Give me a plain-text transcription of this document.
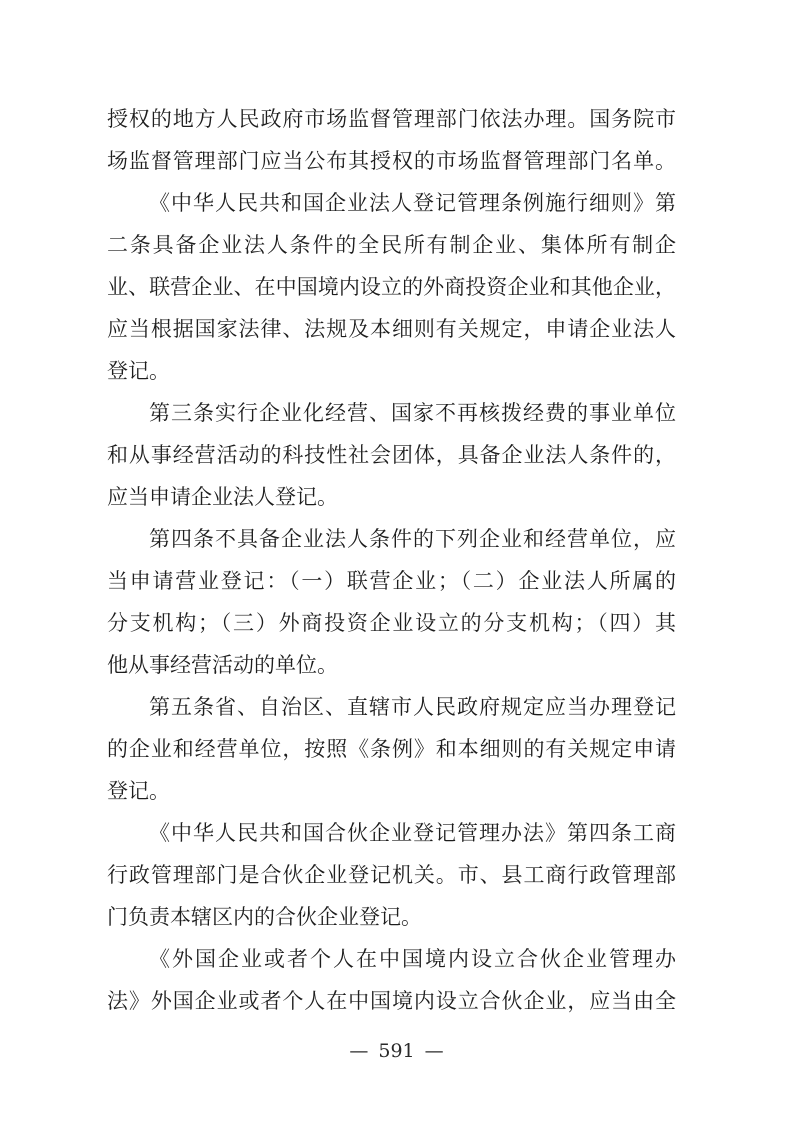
授权的地方人民政府市场监督管理部门依法办理。国务院市
场监督管理部门应当公布其授权的市场监督管理部门名单。
《中华人民共和国企业法人登记管理条例施行细则》第
二条具备企业法人条件的全民所有制企业、集体所有制企
业、联营企业、在中国境内设立的外商投资企业和其他企业，
应当根据国家法律、法规及本细则有关规定，申请企业法人
登记。
第三条实行企业化经营、国家不再核拨经费的事业单位
和从事经营活动的科技性社会团体，具备企业法人条件的，
应当申请企业法人登记。
第四条不具备企业法人条件的下列企业和经营单位，应
当申请营业登记：（一）联营企业；（二）企业法人所属的
分支机构；（三）外商投资企业设立的分支机构；（四）其
他从事经营活动的单位。
第五条省、自治区、直辖市人民政府规定应当办理登记
的企业和经营单位，按照《条例》和本细则的有关规定申请
登记。
《中华人民共和国合伙企业登记管理办法》第四条工商
行政管理部门是合伙企业登记机关。市、县工商行政管理部
门负责本辖区内的合伙企业登记。
《外国企业或者个人在中国境内设立合伙企业管理办
法》外国企业或者个人在中国境内设立合伙企业，应当由全
— 591 —
